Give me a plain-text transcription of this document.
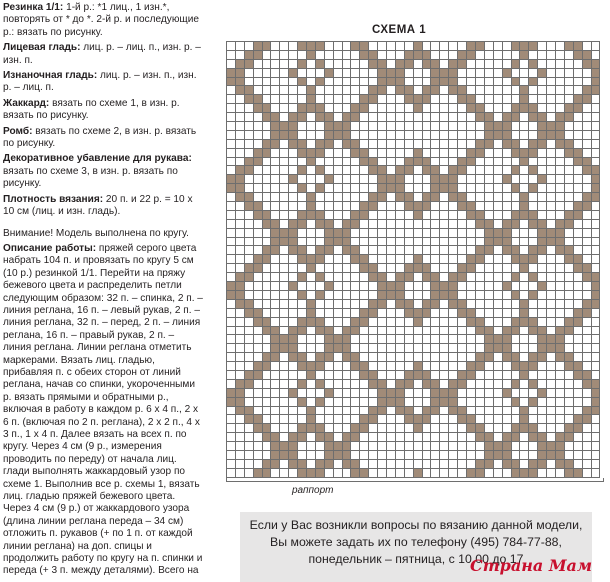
Резинка 1/1: 1-й р.: *1 лиц., 1 изн.*, повторять от * до *. 2-й р. и последующие р.: вязать по рисунку.

Лицевая гладь: лиц. р. – лиц. п., изн. р. – изн. п.

Изнаночная гладь: лиц. р. – изн. п., изн. р. – лиц. п.

Жаккард: вязать по схеме 1, в изн. р. вязать по рисунку.

Ромб: вязать по схеме 2, в изн. р. вязать по рисунку.

Декоративное убавление для рукава: вязать по схеме 3, в изн. р. вязать по рисунку.

Плотность вязания: 20 п. и 22 р. = 10 х 10 см (лиц. и изн. гладь).

Внимание! Модель выполнена по кругу.

Описание работы: пряжей серого цвета набрать 104 п. и провязать по кругу 5 см (10 р.) резинкой 1/1. Перейти на пряжу бежевого цвета и распределить петли следующим образом: 32 п. – спинка, 2 п. – линия реглана, 16 п. – левый рукав, 2 п. – линия реглана, 32 п. – перед, 2 п. – линия реглана, 16 п. – правый рукав, 2 п. – линия реглана. Линии реглана отметить маркерами. Вязать лиц. гладью, прибавляя п. с обеих сторон от линий реглана, начав со спинки, укороченными р. вязать прямыми и обратными р., включая в работу в каждом р. 6 х 4 п., 2 х 6 п. (включая по 2 п. реглана), 2 х 2 п., 4 х 3 п., 1 х 4 п. Далее вязать на всех п. по кругу. Через 4 см (9 р., измерения проводить по переду) от начала лиц. глади выполнять жаккардовый узор по схеме 1. Выполнив все р. схемы 1, вязать лиц. гладью пряжей бежевого цвета. Через 4 см (9 р.) от жаккардового узора (длина линии реглана переда – 34 см) отложить п. рукавов (+ по 1 п. от каждой линии реглана) на доп. спицы и продолжить работу по кругу на п. спинки и переда (+ 3 п. между деталями). Всего на

СХЕМА 1
раппорт
Если у Вас возникли вопросы по вязанию данной модели,
Вы можете задать их по телефону (495) 784-77-88,
понедельник – пятница, с 10.00 до 17
Страна Мам
